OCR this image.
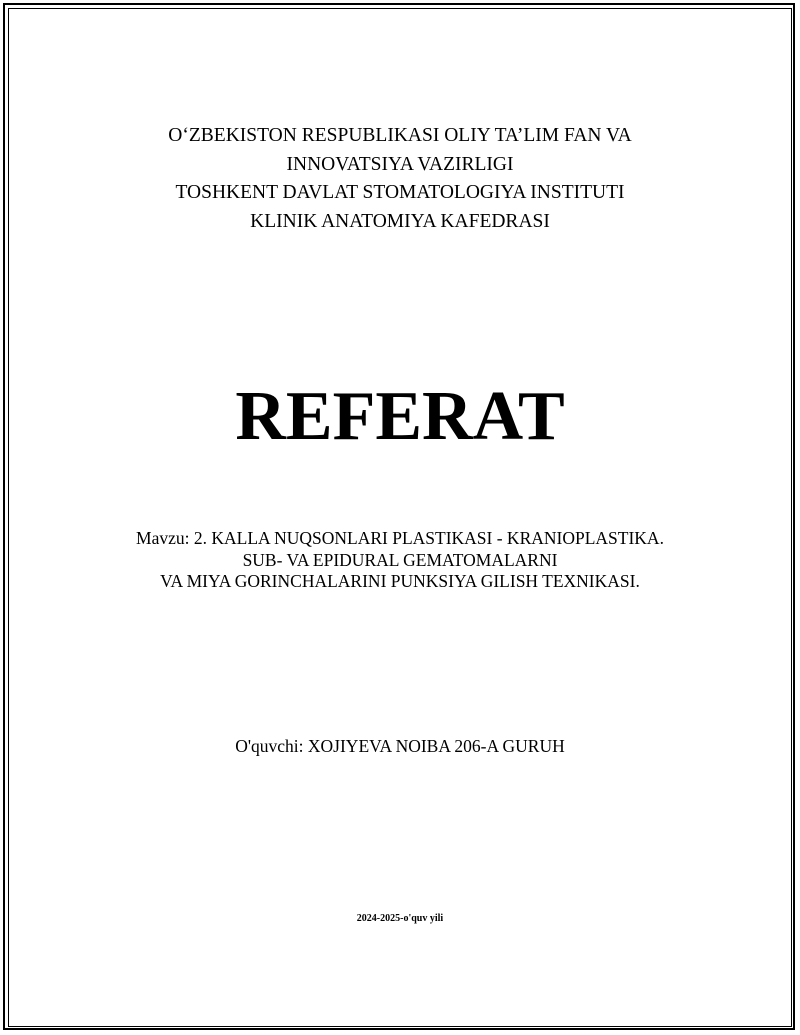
O‘ZBEKISTON RESPUBLIKASI OLIY TA’LIM FAN VA
INNOVATSIYA VAZIRLIGI
TOSHKENT DAVLAT STOMATOLOGIYA INSTITUTI
KLINIK ANATOMIYA KAFEDRASI
REFERAT
Mavzu: 2. KALLA NUQSONLARI PLASTIKASI - KRANIOPLASTIKA.
SUB- VA EPIDURAL GEMATOMALARNI
VA MIYA GORINCHALARINI PUNKSIYA GILISH TEXNIKASI.
O'quvchi: XOJIYEVA NOIBA 206-A GURUH
2024-2025-o'quv yili
